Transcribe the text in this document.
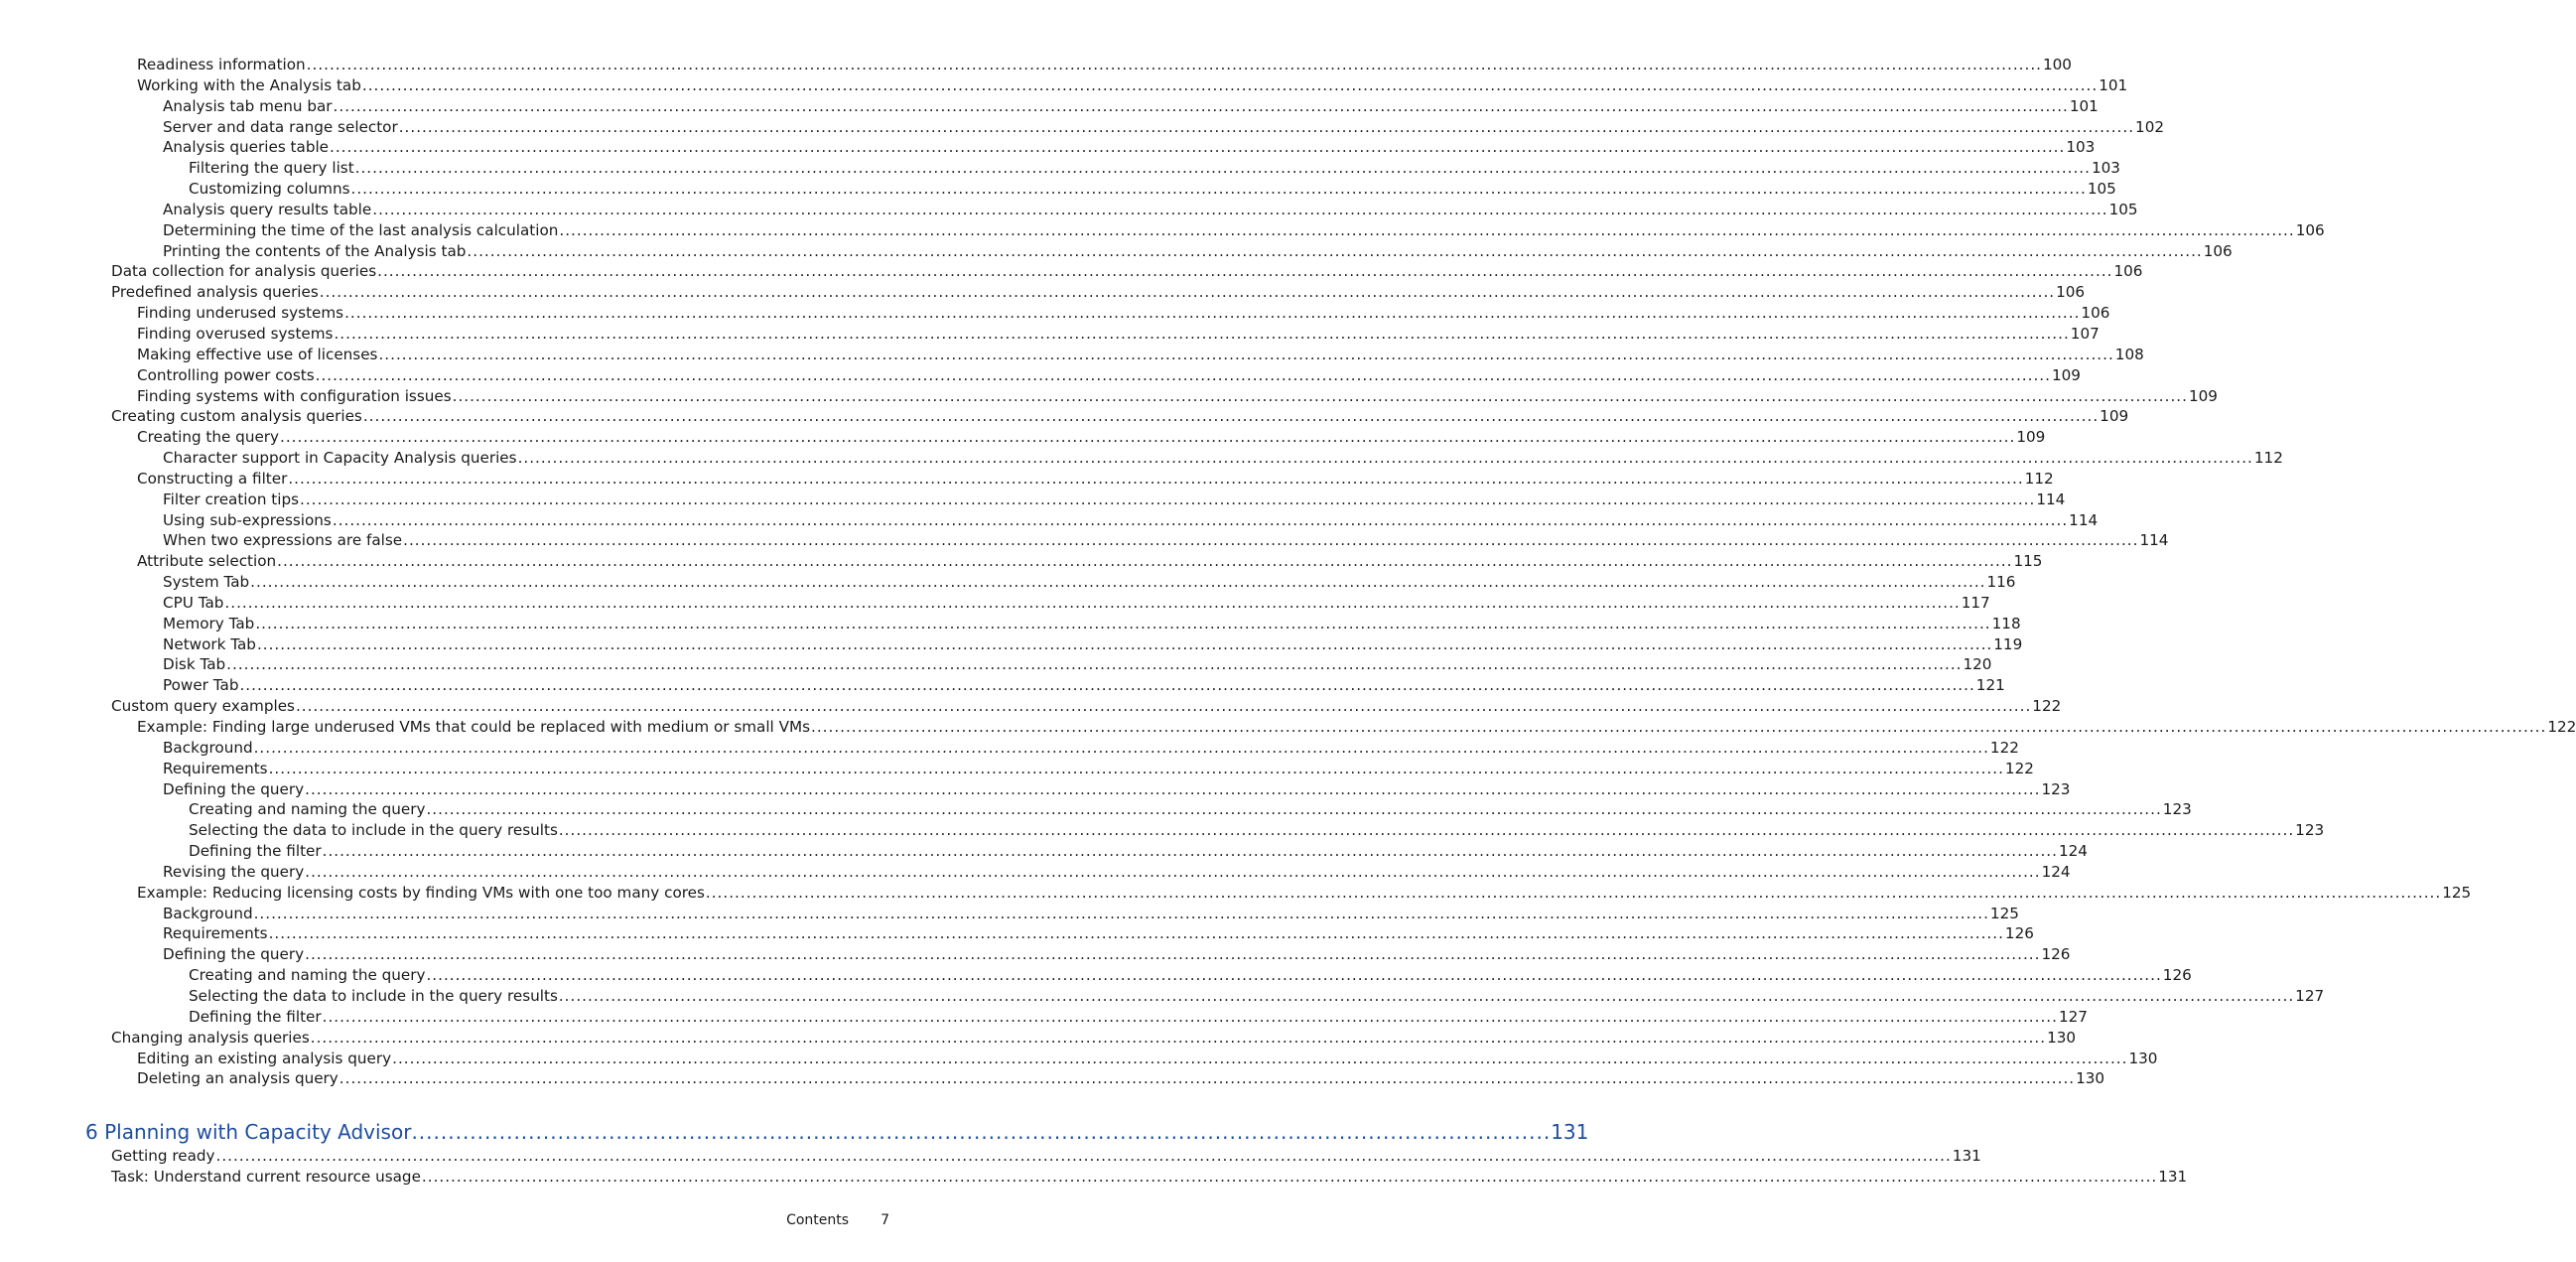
Readiness information ............................................................................................................................................................................................................................................................................................................ 100
Working with the Analysis tab ............................................................................................................................................................................................................................................................................................................ 101
Analysis tab menu bar ............................................................................................................................................................................................................................................................................................................ 101
Server and data range selector ............................................................................................................................................................................................................................................................................................................ 102
Analysis queries table ............................................................................................................................................................................................................................................................................................................ 103
Filtering the query list ............................................................................................................................................................................................................................................................................................................ 103
Customizing columns ............................................................................................................................................................................................................................................................................................................ 105
Analysis query results table ............................................................................................................................................................................................................................................................................................................ 105
Determining the time of the last analysis calculation ............................................................................................................................................................................................................................................................................................................ 106
Printing the contents of the Analysis tab ............................................................................................................................................................................................................................................................................................................ 106
Data collection for analysis queries ............................................................................................................................................................................................................................................................................................................ 106
Predefined analysis queries ............................................................................................................................................................................................................................................................................................................ 106
Finding underused systems ............................................................................................................................................................................................................................................................................................................ 106
Finding overused systems ............................................................................................................................................................................................................................................................................................................ 107
Making effective use of licenses ............................................................................................................................................................................................................................................................................................................ 108
Controlling power costs ............................................................................................................................................................................................................................................................................................................ 109
Finding systems with configuration issues ............................................................................................................................................................................................................................................................................................................ 109
Creating custom analysis queries ............................................................................................................................................................................................................................................................................................................ 109
Creating the query ............................................................................................................................................................................................................................................................................................................ 109
Character support in Capacity Analysis queries ............................................................................................................................................................................................................................................................................................................ 112
Constructing a filter ............................................................................................................................................................................................................................................................................................................ 112
Filter creation tips ............................................................................................................................................................................................................................................................................................................ 114
Using sub-expressions ............................................................................................................................................................................................................................................................................................................ 114
When two expressions are false ............................................................................................................................................................................................................................................................................................................ 114
Attribute selection ............................................................................................................................................................................................................................................................................................................ 115
System Tab ............................................................................................................................................................................................................................................................................................................ 116
CPU Tab ............................................................................................................................................................................................................................................................................................................ 117
Memory Tab ............................................................................................................................................................................................................................................................................................................ 118
Network Tab ............................................................................................................................................................................................................................................................................................................ 119
Disk Tab ............................................................................................................................................................................................................................................................................................................ 120
Power Tab ............................................................................................................................................................................................................................................................................................................ 121
Custom query examples ............................................................................................................................................................................................................................................................................................................ 122
Example: Finding large underused VMs that could be replaced with medium or small VMs ............................................................................................................................................................................................................................................................................................................ 122
Background ............................................................................................................................................................................................................................................................................................................ 122
Requirements ............................................................................................................................................................................................................................................................................................................ 122
Defining the query ............................................................................................................................................................................................................................................................................................................ 123
Creating and naming the query ............................................................................................................................................................................................................................................................................................................ 123
Selecting the data to include in the query results ............................................................................................................................................................................................................................................................................................................ 123
Defining the filter ............................................................................................................................................................................................................................................................................................................ 124
Revising the query ............................................................................................................................................................................................................................................................................................................ 124
Example: Reducing licensing costs by finding VMs with one too many cores ............................................................................................................................................................................................................................................................................................................ 125
Background ............................................................................................................................................................................................................................................................................................................ 125
Requirements ............................................................................................................................................................................................................................................................................................................ 126
Defining the query ............................................................................................................................................................................................................................................................................................................ 126
Creating and naming the query ............................................................................................................................................................................................................................................................................................................ 126
Selecting the data to include in the query results ............................................................................................................................................................................................................................................................................................................ 127
Defining the filter ............................................................................................................................................................................................................................................................................................................ 127
Changing analysis queries ............................................................................................................................................................................................................................................................................................................ 130
Editing an existing analysis query ............................................................................................................................................................................................................................................................................................................ 130
Deleting an analysis query ............................................................................................................................................................................................................................................................................................................ 130
6 Planning with Capacity Advisor ............................................................................................................................................................ 131
Getting ready ............................................................................................................................................................................................................................................................................................................ 131
Task: Understand current resource usage ............................................................................................................................................................................................................................................................................................................ 131
Contents 7
